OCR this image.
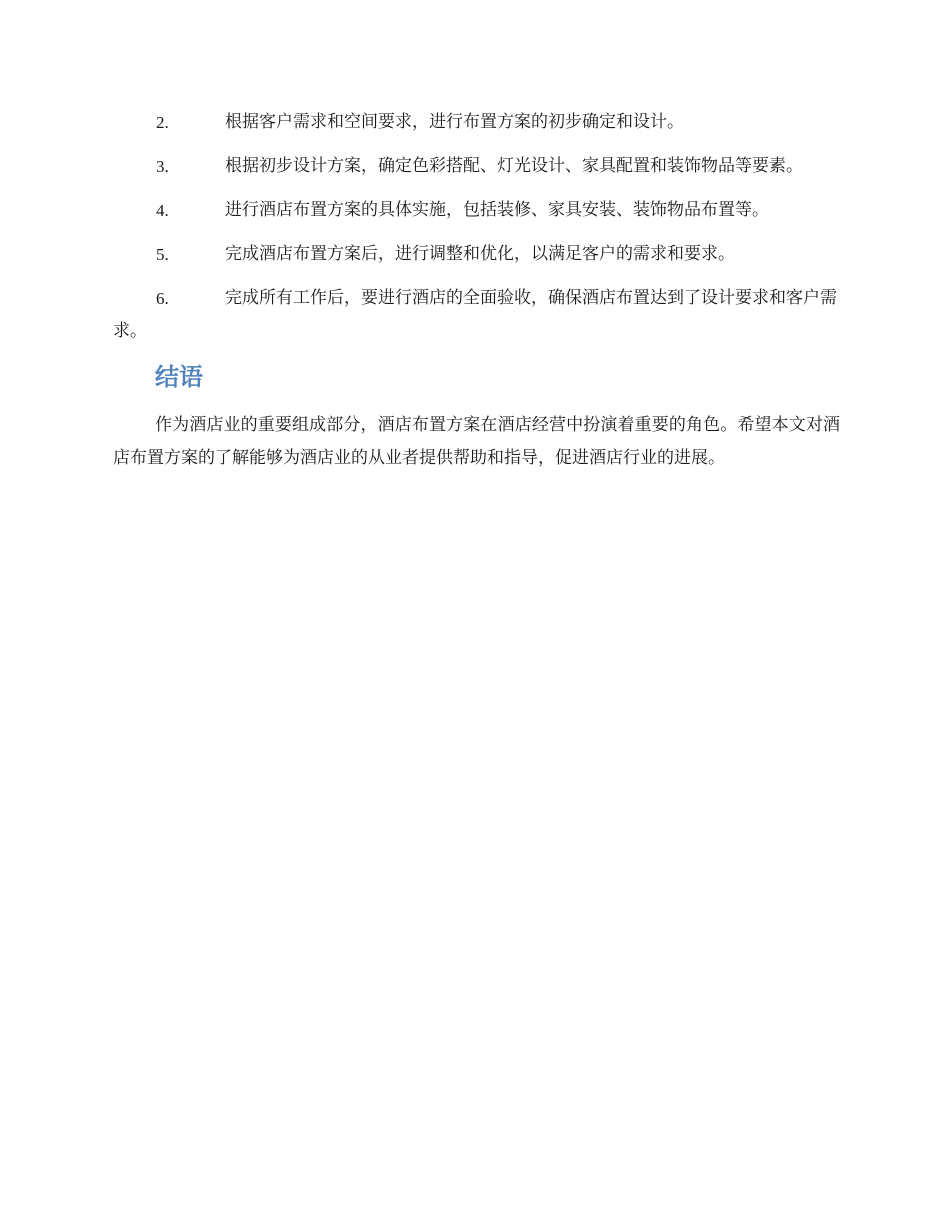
2.	根据客户需求和空间要求，进行布置方案的初步确定和设计。
3.	根据初步设计方案，确定色彩搭配、灯光设计、家具配置和装饰物品等要素。
4.	进行酒店布置方案的具体实施，包括装修、家具安装、装饰物品布置等。
5.	完成酒店布置方案后，进行调整和优化，以满足客户的需求和要求。
6.	完成所有工作后，要进行酒店的全面验收，确保酒店布置达到了设计要求和客户需求。
结语

作为酒店业的重要组成部分，酒店布置方案在酒店经营中扮演着重要的角色。希望本文对酒店布置方案的了解能够为酒店业的从业者提供帮助和指导，促进酒店行业的进展。
